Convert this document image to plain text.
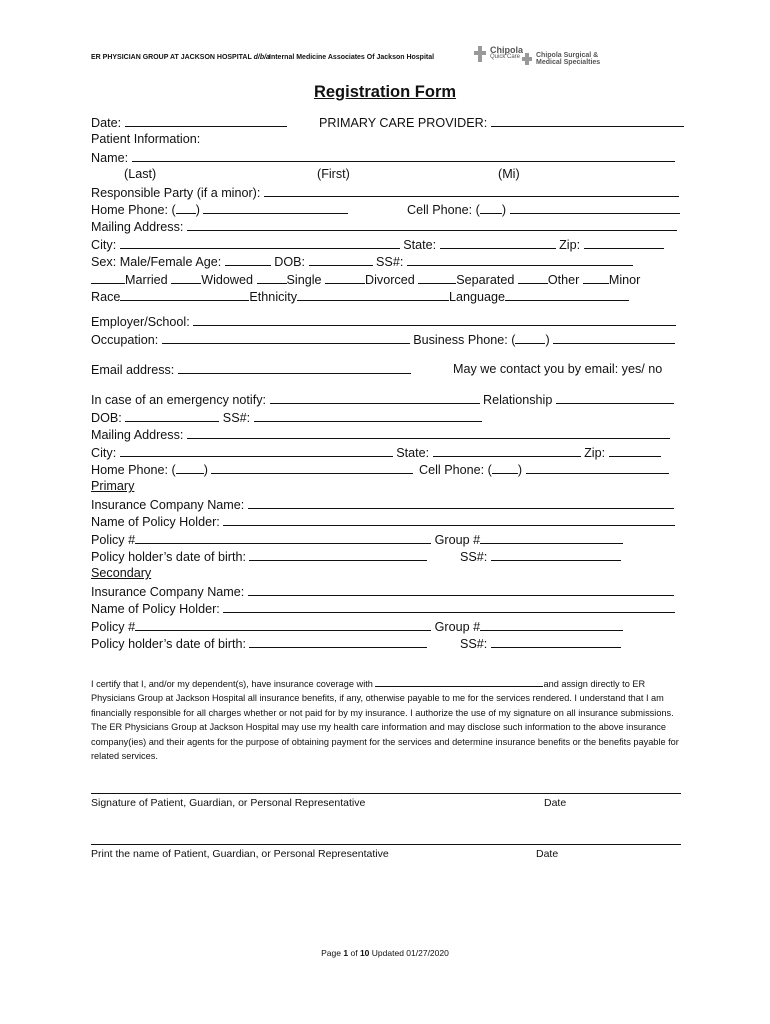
ER PHYSICIAN GROUP AT JACKSON HOSPITAL d/b/a Internal Medicine Associates Of Jackson Hospital
Chipola
Quick Care	Chipola Surgical &
Medical Specialties
Registration Form
Date:	PRIMARY CARE PROVIDER:
Patient Information:
Name:
(Last)	(First)	(Mi)
Responsible Party (if a minor):
Home Phone: ( )	Cell Phone: ( )
Mailing Address:
City:	State:	Zip:
Sex: Male/Female Age:	DOB:	SS#:
Married	Widowed	Single	Divorced	Separated	Other Minor
Race	Ethnicity	Language
Employer/School:
Occupation:	Business Phone: ( )
Email address:	May we contact you by email: yes/ no
In case of an emergency notify:	Relationship
DOB:	SS#:
Mailing Address:
City:	State:	Zip:
Home Phone: ( )	Cell Phone: ( )
Primary
Insurance Company Name:
Name of Policy Holder:
Policy #	Group #
Policy holder’s date of birth:	SS#:
Secondary
Insurance Company Name:
Name of Policy Holder:
Policy #	Group #
Policy holder’s date of birth:	SS#:
I certify that I, and/or my dependent(s), have insurance coverage with	and assign directly to ER Physicians Group at Jackson Hospital all insurance benefits, if any, otherwise payable to me for the services rendered. I understand that I am financially responsible for all charges whether or not paid for by my insurance. I authorize the use of my signature on all insurance submissions. The ER Physicians Group at Jackson Hospital may use my health care information and may disclose such information to the above insurance company(ies) and their agents for the purpose of obtaining payment for the services and determine insurance benefits or the benefits payable for related services.
Signature of Patient, Guardian, or Personal Representative	Date
Print the name of Patient, Guardian, or Personal Representative	Date
Page 1 of 10 Updated 01/27/2020
